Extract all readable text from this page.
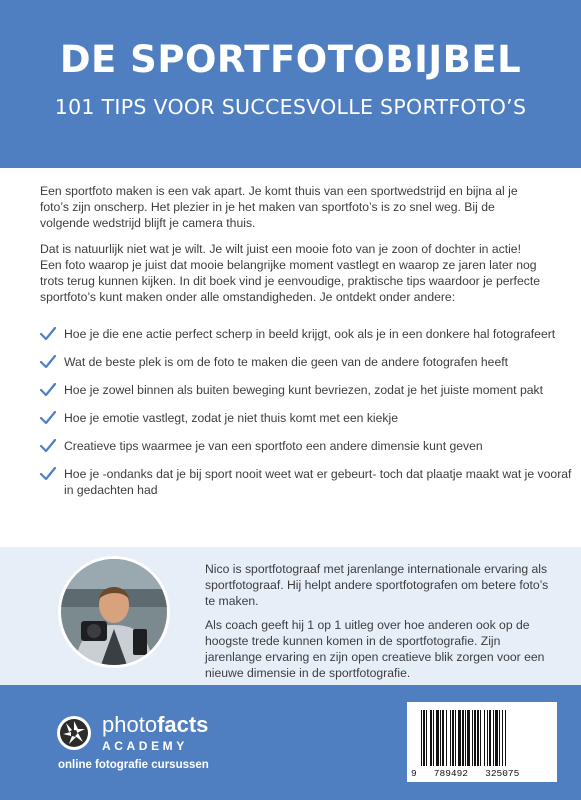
DE SPORTFOTOBIJBEL
101 TIPS VOOR SUCCESVOLLE SPORTFOTO’S

Een sportfoto maken is een vak apart. Je komt thuis van een sportwedstrijd en bijna al je foto’s zijn onscherp. Het plezier in je het maken van sportfoto’s is zo snel weg. Bij de volgende wedstrijd blijft je camera thuis.

Dat is natuurlijk niet wat je wilt. Je wilt juist een mooie foto van je zoon of dochter in actie! Een foto waarop je juist dat mooie belangrijke moment vastlegt en waarop ze jaren later nog trots terug kunnen kijken. In dit boek vind je eenvoudige, praktische tips waardoor je perfecte sportfoto’s kunt maken onder alle omstandigheden. Je ontdekt onder andere:

Hoe je die ene actie perfect scherp in beeld krijgt, ook als je in een donkere hal fotografeert
Wat de beste plek is om de foto te maken die geen van de andere fotografen heeft
Hoe je zowel binnen als buiten beweging kunt bevriezen, zodat je het juiste moment pakt
Hoe je emotie vastlegt, zodat je niet thuis komt met een kiekje
Creatieve tips waarmee je van een sportfoto een andere dimensie kunt geven
Hoe je -ondanks dat je bij sport nooit weet wat er gebeurt- toch dat plaatje maakt wat je vooraf in gedachten had

Nico is sportfotograaf met jarenlange internationale ervaring als sportfotograaf. Hij helpt andere sportfotografen om betere foto’s te maken.

Als coach geeft hij 1 op 1 uitleg over hoe anderen ook op de hoogste trede kunnen komen in de sportfotografie. Zijn jarenlange ervaring en zijn open creatieve blik zorgen voor een nieuwe dimensie in de sportfotografie.

photofacts
ACADEMY
online fotografie cursussen
9   789492   325075
